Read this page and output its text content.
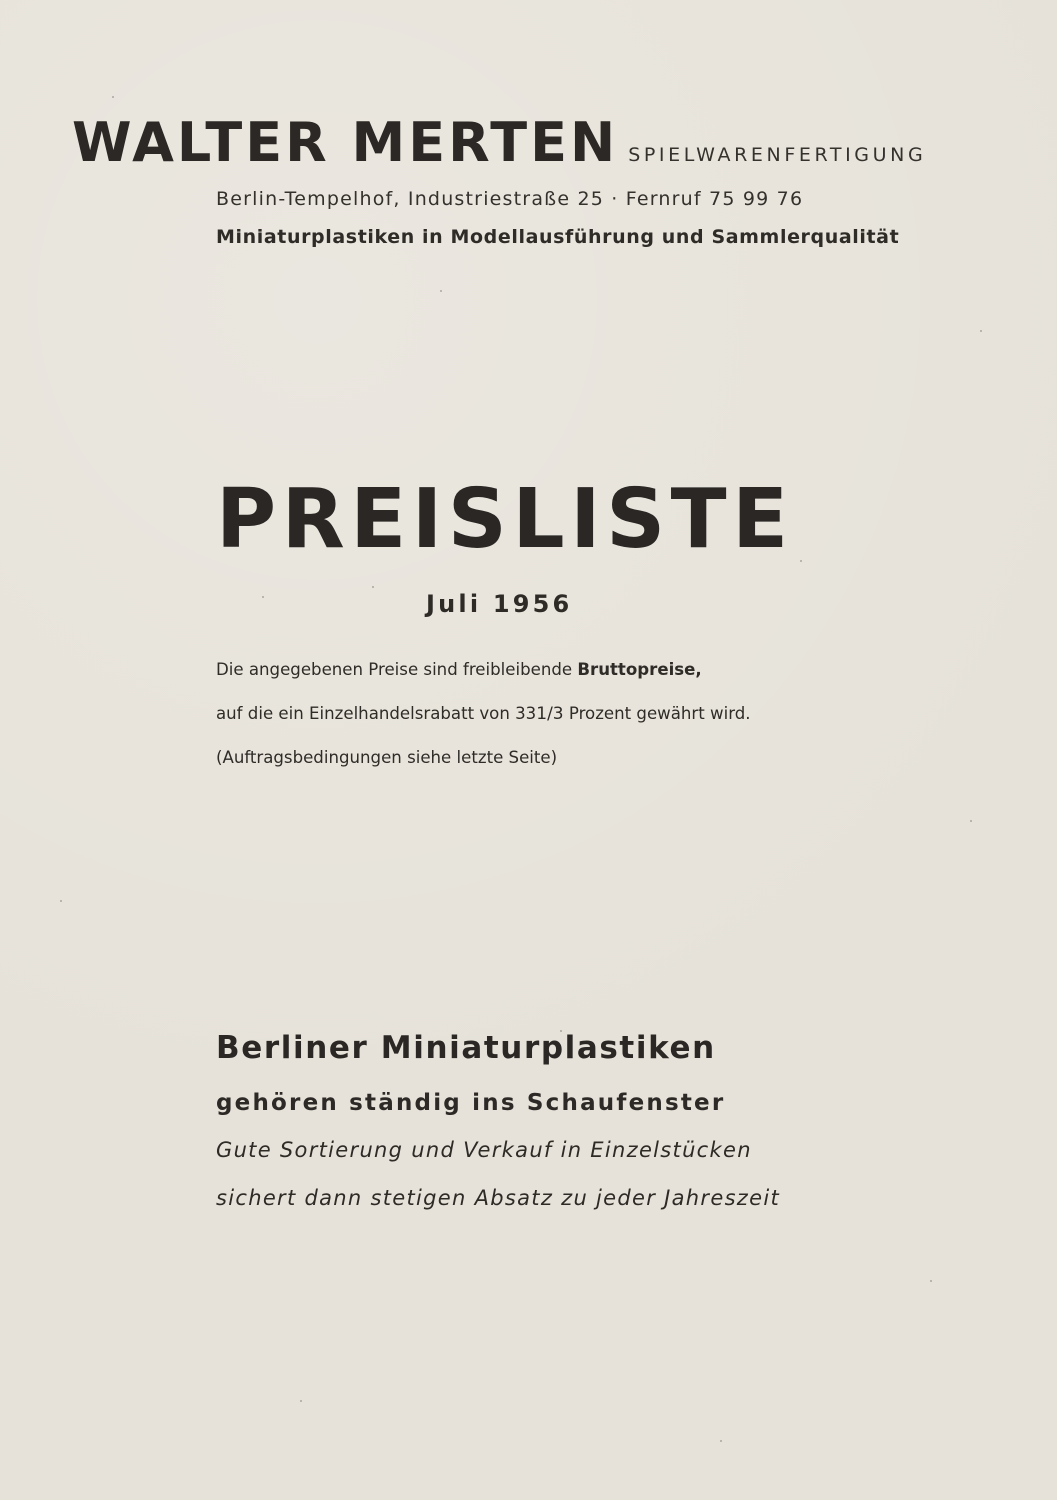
WALTER MERTEN SPIELWARENFERTIGUNG
Berlin-Tempelhof, Industriestraße 25 · Fernruf 75 99 76
Miniaturplastiken in Modellausführung und Sammlerqualität
PREISLISTE
Juli 1956
Die angegebenen Preise sind freibleibende Bruttopreise,
auf die ein Einzelhandelsrabatt von 331/3 Prozent gewährt wird.
(Auftragsbedingungen siehe letzte Seite)
Berliner Miniaturplastiken
gehören ständig ins Schaufenster
Gute Sortierung und Verkauf in Einzelstücken
sichert dann stetigen Absatz zu jeder Jahreszeit
